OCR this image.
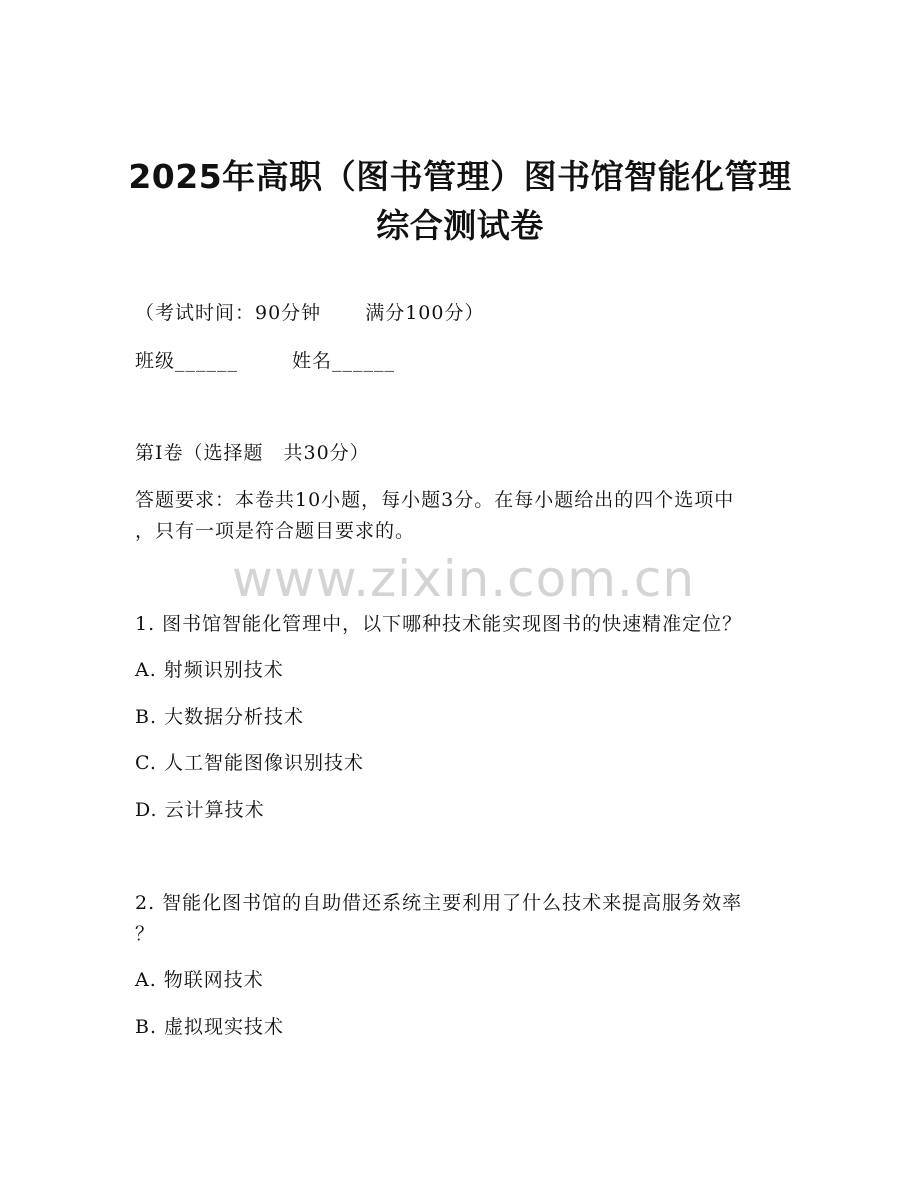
2025年高职（图书管理）图书馆智能化管理
综合测试卷
（考试时间：90分钟 满分100分）
班级______	姓名______
第I卷（选择题　共30分）
答题要求：本卷共10小题，每小题3分。在每小题给出的四个选项中
，只有一项是符合题目要求的。
www.zixin.com.cn
1. 图书馆智能化管理中，以下哪种技术能实现图书的快速精准定位？
A. 射频识别技术
B. 大数据分析技术
C. 人工智能图像识别技术
D. 云计算技术
2. 智能化图书馆的自助借还系统主要利用了什么技术来提高服务效率
？
A. 物联网技术
B. 虚拟现实技术
